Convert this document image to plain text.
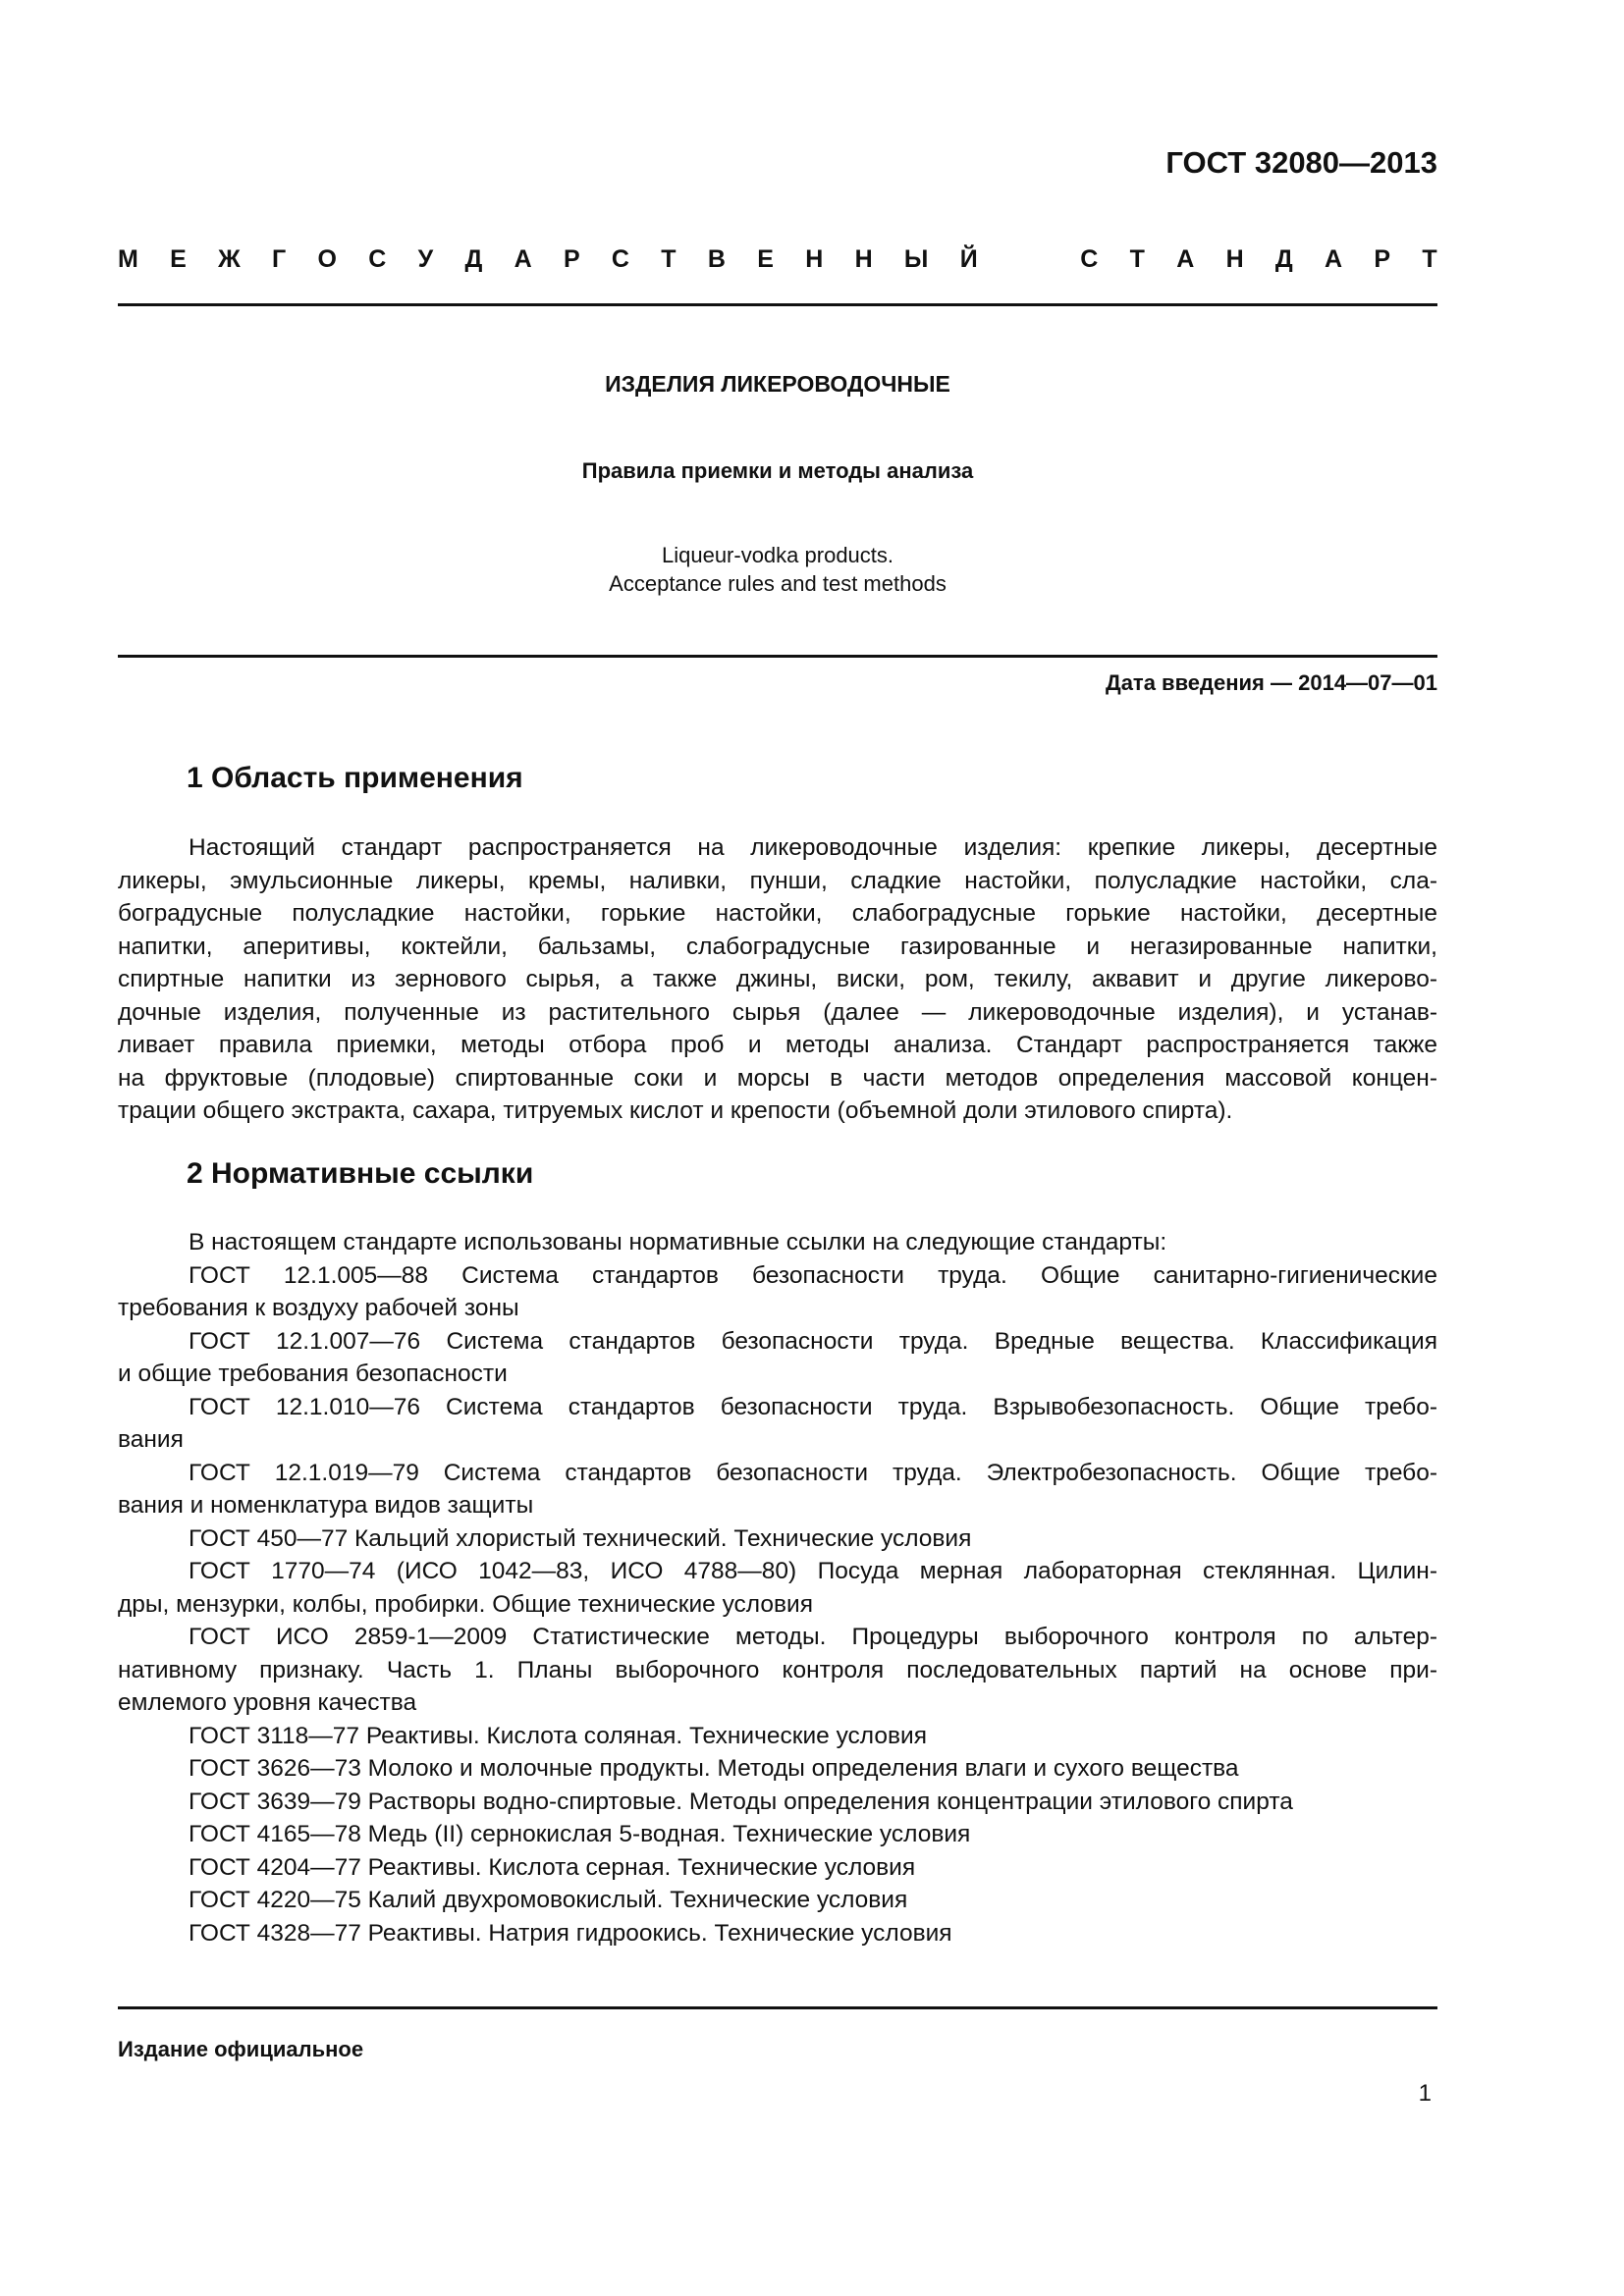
ГОСТ 32080—2013
М Е Ж Г О С У Д А Р С Т В Е Н Н Ы Й	С Т А Н Д А Р Т
ИЗДЕЛИЯ ЛИКЕРОВОДОЧНЫЕ
Правила приемки и методы анализа
Liqueur-vodka products.
Acceptance rules and test methods
Дата введения — 2014—07—01
1 Область применения
Настоящий стандарт распространяется на ликероводочные изделия: крепкие ликеры, десертные
ликеры, эмульсионные ликеры, кремы, наливки, пунши, сладкие настойки, полусладкие настойки, сла-
боградусные полусладкие настойки, горькие настойки, слабоградусные горькие настойки, десертные
напитки, аперитивы, коктейли, бальзамы, слабоградусные газированные и негазированные напитки,
спиртные напитки из зернового сырья, а также джины, виски, ром, текилу, аквавит и другие ликерово-
дочные изделия, полученные из растительного сырья (далее — ликероводочные изделия), и устанав-
ливает правила приемки, методы отбора проб и методы анализа. Стандарт распространяется также
на фруктовые (плодовые) спиртованные соки и морсы в части методов определения массовой концен-
трации общего экстракта, сахара, титруемых кислот и крепости (объемной доли этилового спирта).
2 Нормативные ссылки
В настоящем стандарте использованы нормативные ссылки на следующие стандарты:
ГОСТ 12.1.005—88 Система стандартов безопасности труда. Общие санитарно-гигиенические
требования к воздуху рабочей зоны
ГОСТ 12.1.007—76 Система стандартов безопасности труда. Вредные вещества. Классификация
и общие требования безопасности
ГОСТ 12.1.010—76 Система стандартов безопасности труда. Взрывобезопасность. Общие требо-
вания
ГОСТ 12.1.019—79 Система стандартов безопасности труда. Электробезопасность. Общие требо-
вания и номенклатура видов защиты
ГОСТ 450—77 Кальций хлористый технический. Технические условия
ГОСТ 1770—74 (ИСО 1042—83, ИСО 4788—80) Посуда мерная лабораторная стеклянная. Цилин-
дры, мензурки, колбы, пробирки. Общие технические условия
ГОСТ ИСО 2859-1—2009 Статистические методы. Процедуры выборочного контроля по альтер-
нативному признаку. Часть 1. Планы выборочного контроля последовательных партий на основе при-
емлемого уровня качества
ГОСТ 3118—77 Реактивы. Кислота соляная. Технические условия
ГОСТ 3626—73 Молоко и молочные продукты. Методы определения влаги и сухого вещества
ГОСТ 3639—79 Растворы водно-спиртовые. Методы определения концентрации этилового спирта
ГОСТ 4165—78 Медь (II) сернокислая 5-водная. Технические условия
ГОСТ 4204—77 Реактивы. Кислота серная. Технические условия
ГОСТ 4220—75 Калий двухромовокислый. Технические условия
ГОСТ 4328—77 Реактивы. Натрия гидроокись. Технические условия
Издание официальное
1
